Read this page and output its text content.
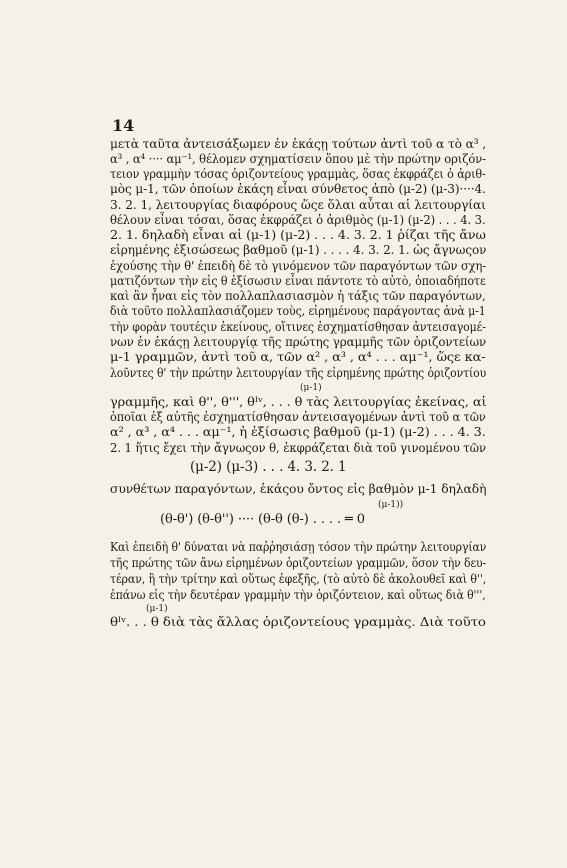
14
μετὰ ταῦτα ἀντεισάξωμεν ἐν ἑκάςῃ τούτων ἀντὶ τοῦ α τὸ α³ ,
α³ , α⁴ ···· αμ⁻¹, θέλομεν σχηματίσειν ὅπου μὲ τὴν πρώτην οριζόν-
τειον γραμμὴν τόσας ὁριζοντείους γραμμὰς, ὅσας ἐκφράζει ὁ ἀριθ-
μὸς μ-1, τῶν ὁποίων ἑκάςη εἶναι σύνθετος ἀπὸ (μ-2) (μ-3)····4.
3. 2. 1, λειτουργίας διαφόρους ὥςε ὅλαι αὗται αἱ λειτουργίαι
θέλουν εἶναι τόσαι, ὅσας ἐκφράζει ὁ ἀριθμὸς (μ-1) (μ-2) . . . 4. 3.
2. 1. δηλαδὴ εἶναι αἱ (μ-1) (μ-2) . . . 4. 3. 2. 1 ῥίζαι τῆς ἄνω
εἰρημένης ἐξισώσεως βαθμοῦ (μ-1) . . . . 4. 3. 2. 1. ὡς ἄγνωςον
ἐχούσης τὴν θ' ἐπειδὴ δὲ τὸ γινόμενον τῶν παραγόντων τῶν σχη-
ματιζόντων τὴν εἰς θ ἐξίσωσιν εἶναι πάντοτε τὸ αὐτὸ, ὁποιαδήποτε
καὶ ἂν ἦναι εἰς τὸν πολλαπλασιασμὸν ἡ τάξις τῶν παραγόντων,
διὰ τοῦτο πολλαπλασιάζομεν τοὺς, εἰρημένους παράγοντας ἀνὰ μ-1
τὴν φορὰν τουτέςιν ἐκείνους, οἵτινες ἐσχηματίσθησαν ἀντεισαγομέ-
νων ἐν ἑκάςῃ λειτουργίᾳ τῆς πρώτης γραμμῆς τῶν ὁριζοντείων
μ-1 γραμμῶν, ἀντὶ τοῦ α, τῶν α² , α³ , α⁴ . . . αμ⁻¹, ὥςε κα-
λοῦντες θ' τὴν πρώτην λειτουργίαν τῆς εἰρημένης πρώτης ὁριζοντίου
(μ-1)
γραμμῆς, καὶ θ'', θ''', θᴵᵛ, . . . θ τὰς λειτουργίας ἐκείνας, αἱ
ὁποῖαι ἐξ αὐτῆς ἐσχηματίσθησαν ἀντεισαγομένων ἀντὶ τοῦ α τῶν
α² , α³ , α⁴ . . . αμ⁻¹, ἡ ἐξίσωσις βαθμοῦ (μ-1) (μ-2) . . . 4. 3.
2. 1 ἥτις ἔχει τὴν ἄγνωςον θ, ἐκφράζεται διὰ τοῦ γινομένου τῶν
(μ-2) (μ-3) . . . 4. 3. 2. 1
συνθέτων παραγόντων, ἑκάςου ὄντος εἰς βαθμὸν μ-1 δηλαδὴ
(μ-1))
(θ-θ') (θ-θ'') ···· (θ-θ (θ-) . . . . ═ 0
Καὶ ἐπειδὴ θ' δύναται νὰ παῤῥησιάσῃ τόσον τὴν πρώτην λειτουργίαν
τῆς πρώτης τῶν ἄνω εἰρημένων ὁριζοντείων γραμμῶν, ὅσον τὴν δευ-
τέραν, ἢ τὴν τρίτην καὶ οὕτως ἐφεξῆς, (τὸ αὐτὸ δὲ ἀκολουθεῖ καὶ θ'',
ἐπάνω εἰς τὴν δευτέραν γραμμὴν τὴν ὁριζόντειον, καὶ οὕτως διὰ θ''',
(μ-1)
θᴵᵛ. . . θ διὰ τὰς ἄλλας ὁριζοντείους γραμμὰς. Διὰ τοῦτο
